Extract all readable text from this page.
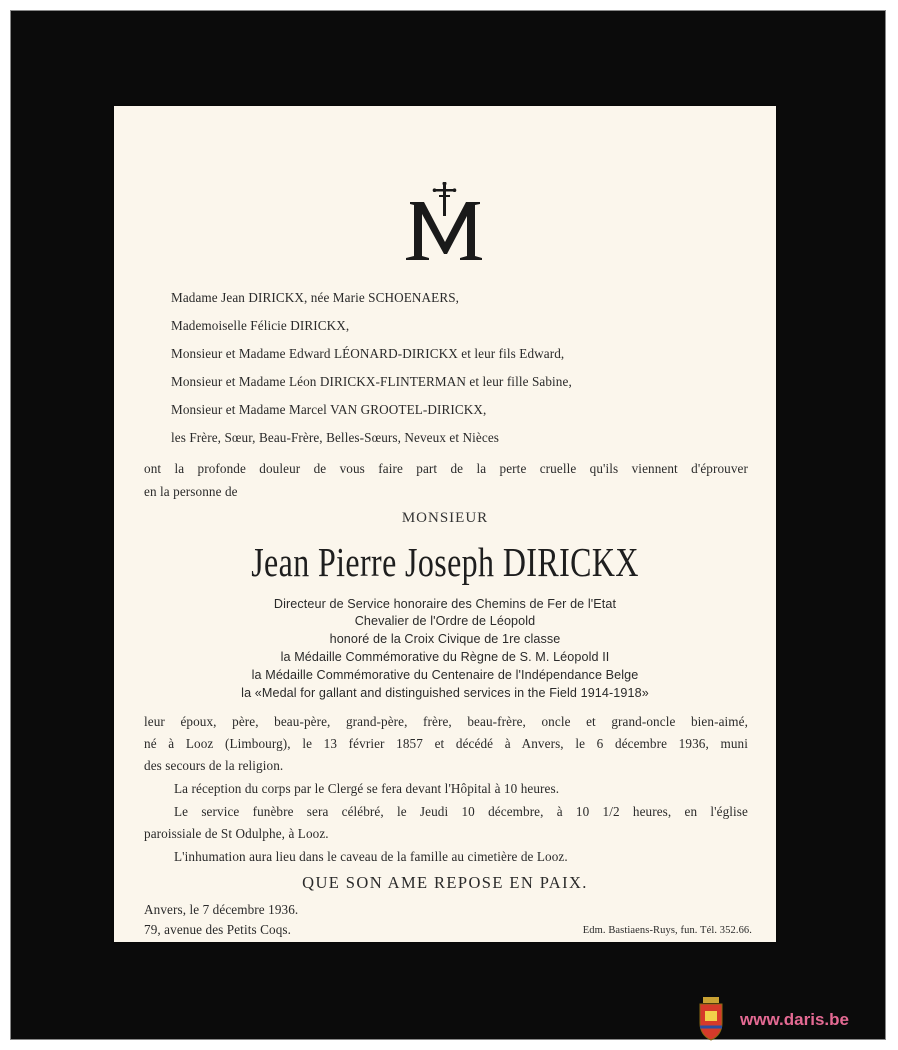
Madame Jean DIRICKX, née Marie SCHOENAERS,
Mademoiselle Félicie DIRICKX,
Monsieur et Madame Edward LÉONARD-DIRICKX et leur fils Edward,
Monsieur et Madame Léon DIRICKX-FLINTERMAN et leur fille Sabine,
Monsieur et Madame Marcel VAN GROOTEL-DIRICKX,
les Frère, Sœur, Beau-Frère, Belles-Sœurs, Neveux et Nièces
ont la profonde douleur de vous faire part de la perte cruelle qu'ils viennent d'éprouver
en la personne de
MONSIEUR
Jean Pierre Joseph DIRICKX
Directeur de Service honoraire des Chemins de Fer de l'Etat
Chevalier de l'Ordre de Léopold
honoré de la Croix Civique de 1re classe
la Médaille Commémorative du Règne de S. M. Léopold II
la Médaille Commémorative du Centenaire de l'Indépendance Belge
la «Medal for gallant and distinguished services in the Field 1914-1918»
leur époux, père, beau-père, grand-père, frère, beau-frère, oncle et grand-oncle bien-aimé,
né à Looz (Limbourg), le 13 février 1857 et décédé à Anvers, le 6 décembre 1936, muni
des secours de la religion.
La réception du corps par le Clergé se fera devant l'Hôpital à 10 heures.
Le service funèbre sera célébré, le Jeudi 10 décembre, à 10 1/2 heures, en l'église
paroissiale de St Odulphe, à Looz.
L'inhumation aura lieu dans le caveau de la famille au cimetière de Looz.
QUE SON AME REPOSE EN PAIX.
Anvers, le 7 décembre 1936.
79, avenue des Petits Coqs.	Edm. Bastiaens-Ruys, fun. Tél. 352.66.
www.daris.be
